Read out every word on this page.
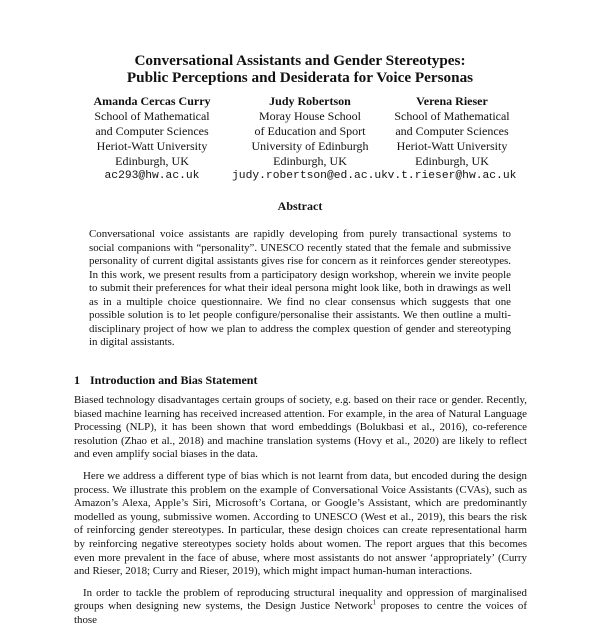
Conversational Assistants and Gender Stereotypes:
Public Perceptions and Desiderata for Voice Personas
Amanda Cercas Curry
School of Mathematical
and Computer Sciences
Heriot-Watt University
Edinburgh, UK
ac293@hw.ac.uk
Judy Robertson
Moray House School
of Education and Sport
University of Edinburgh
Edinburgh, UK
judy.robertson@ed.ac.uk
Verena Rieser
School of Mathematical
and Computer Sciences
Heriot-Watt University
Edinburgh, UK
v.t.rieser@hw.ac.uk
Abstract
Conversational voice assistants are rapidly developing from purely transactional systems to social companions with “personality”. UNESCO recently stated that the female and submissive personality of current digital assistants gives rise for concern as it reinforces gender stereotypes. In this work, we present results from a participatory design workshop, wherein we invite people to submit their preferences for what their ideal persona might look like, both in drawings as well as in a multiple choice questionnaire. We find no clear consensus which suggests that one possible solution is to let people configure/personalise their assistants. We then outline a multi-disciplinary project of how we plan to address the complex question of gender and stereotyping in digital assistants.
1 Introduction and Bias Statement

Biased technology disadvantages certain groups of society, e.g. based on their race or gender. Recently, biased machine learning has received increased attention. For example, in the area of Natural Language Processing (NLP), it has been shown that word embeddings (Bolukbasi et al., 2016), co-reference resolution (Zhao et al., 2018) and machine translation systems (Hovy et al., 2020) are likely to reflect and even amplify social biases in the data.

Here we address a different type of bias which is not learnt from data, but encoded during the design process. We illustrate this problem on the example of Conversational Voice Assistants (CVAs), such as Amazon’s Alexa, Apple’s Siri, Microsoft’s Cortana, or Google’s Assistant, which are predominantly modelled as young, submissive women. According to UNESCO (West et al., 2019), this bears the risk of reinforcing gender stereotypes. In particular, these design choices can create representational harm by reinforcing negative stereotypes society holds about women. The report argues that this becomes even more prevalent in the face of abuse, where most assistants do not answer ‘appropriately’ (Curry and Rieser, 2018; Curry and Rieser, 2019), which might impact human-human interactions.

In order to tackle the problem of reproducing structural inequality and oppression of marginalised groups when designing new systems, the Design Justice Network$^1$ proposes to centre the voices of those
